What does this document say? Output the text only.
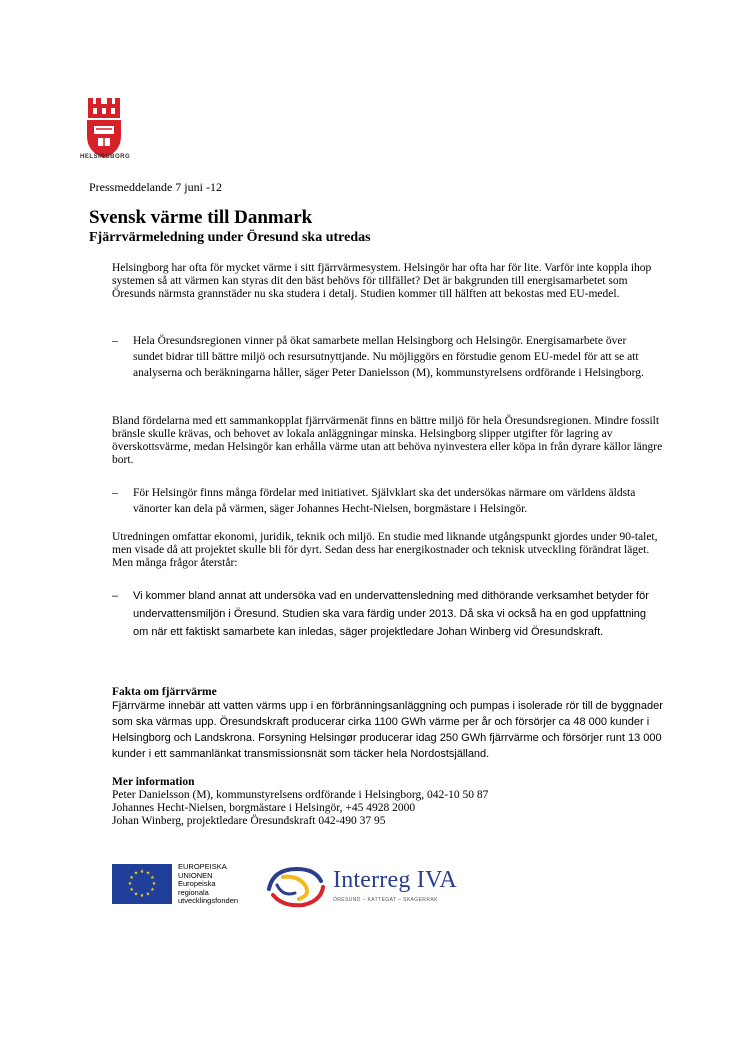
HELSINGBORG
Pressmeddelande 7 juni -12
Svensk värme till Danmark
Fjärrvärmeledning under Öresund ska utredas

Helsingborg har ofta för mycket värme i sitt fjärrvärmesystem. Helsingör har ofta har för lite. Varför inte koppla ihop systemen så att värmen kan styras dit den bäst behövs för tillfället? Det är bakgrunden till energisamarbetet som Öresunds närmsta grannstäder nu ska studera i detalj. Studien kommer till hälften att bekostas med EU-medel.

– Hela Öresundsregionen vinner på ökat samarbete mellan Helsingborg och Helsingör. Energisamarbete över sundet bidrar till bättre miljö och resursutnyttjande. Nu möjliggörs en förstudie genom EU-medel för att se att analyserna och beräkningarna håller, säger Peter Danielsson (M), kommunstyrelsens ordförande i Helsingborg.

Bland fördelarna med ett sammankopplat fjärrvärmenät finns en bättre miljö för hela Öresundsregionen. Mindre fossilt bränsle skulle krävas, och behovet av lokala anläggningar minska. Helsingborg slipper utgifter för lagring av överskottsvärme, medan Helsingör kan erhålla värme utan att behöva nyinvestera eller köpa in från dyrare källor längre bort.

– För Helsingör finns många fördelar med initiativet. Självklart ska det undersökas närmare om världens äldsta vänorter kan dela på värmen, säger Johannes Hecht-Nielsen, borgmästare i Helsingör.

Utredningen omfattar ekonomi, juridik, teknik och miljö. En studie med liknande utgångspunkt gjordes under 90-talet, men visade då att projektet skulle bli för dyrt. Sedan dess har energikostnader och teknisk utveckling förändrat läget. Men många frågor återstår:

– Vi kommer bland annat att undersöka vad en undervattensledning med dithörande verksamhet betyder för undervattensmiljön i Öresund. Studien ska vara färdig under 2013. Då ska vi också ha en god uppfattning om när ett faktiskt samarbete kan inledas, säger projektledare Johan Winberg vid Öresundskraft.

Fakta om fjärrvärme

Fjärrvärme innebär att vatten värms upp i en förbränningsanläggning och pumpas i isolerade rör till de byggnader som ska värmas upp. Öresundskraft producerar cirka 1100 GWh värme per år och försörjer ca 48 000 kunder i Helsingborg och Landskrona. Forsyning Helsingør producerar idag 250 GWh fjärrvärme och försörjer runt 13 000 kunder i ett sammanlänkat transmissionsnät som täcker hela Nordostsjälland.

Mer information
Peter Danielsson (M), kommunstyrelsens ordförande i Helsingborg, 042-10 50 87
Johannes Hecht-Nielsen, borgmästare i Helsingör, +45 4928 2000
Johan Winberg, projektledare Öresundskraft 042-490 37 95
★ ★
★
★
★
★
★
★
★
★
★
★
EUROPEISKA
UNIONEN
Europeiska
regionala
utvecklingsfonden
Interreg IVA
ÖRESUND – KATTEGAT – SKAGERRAK
